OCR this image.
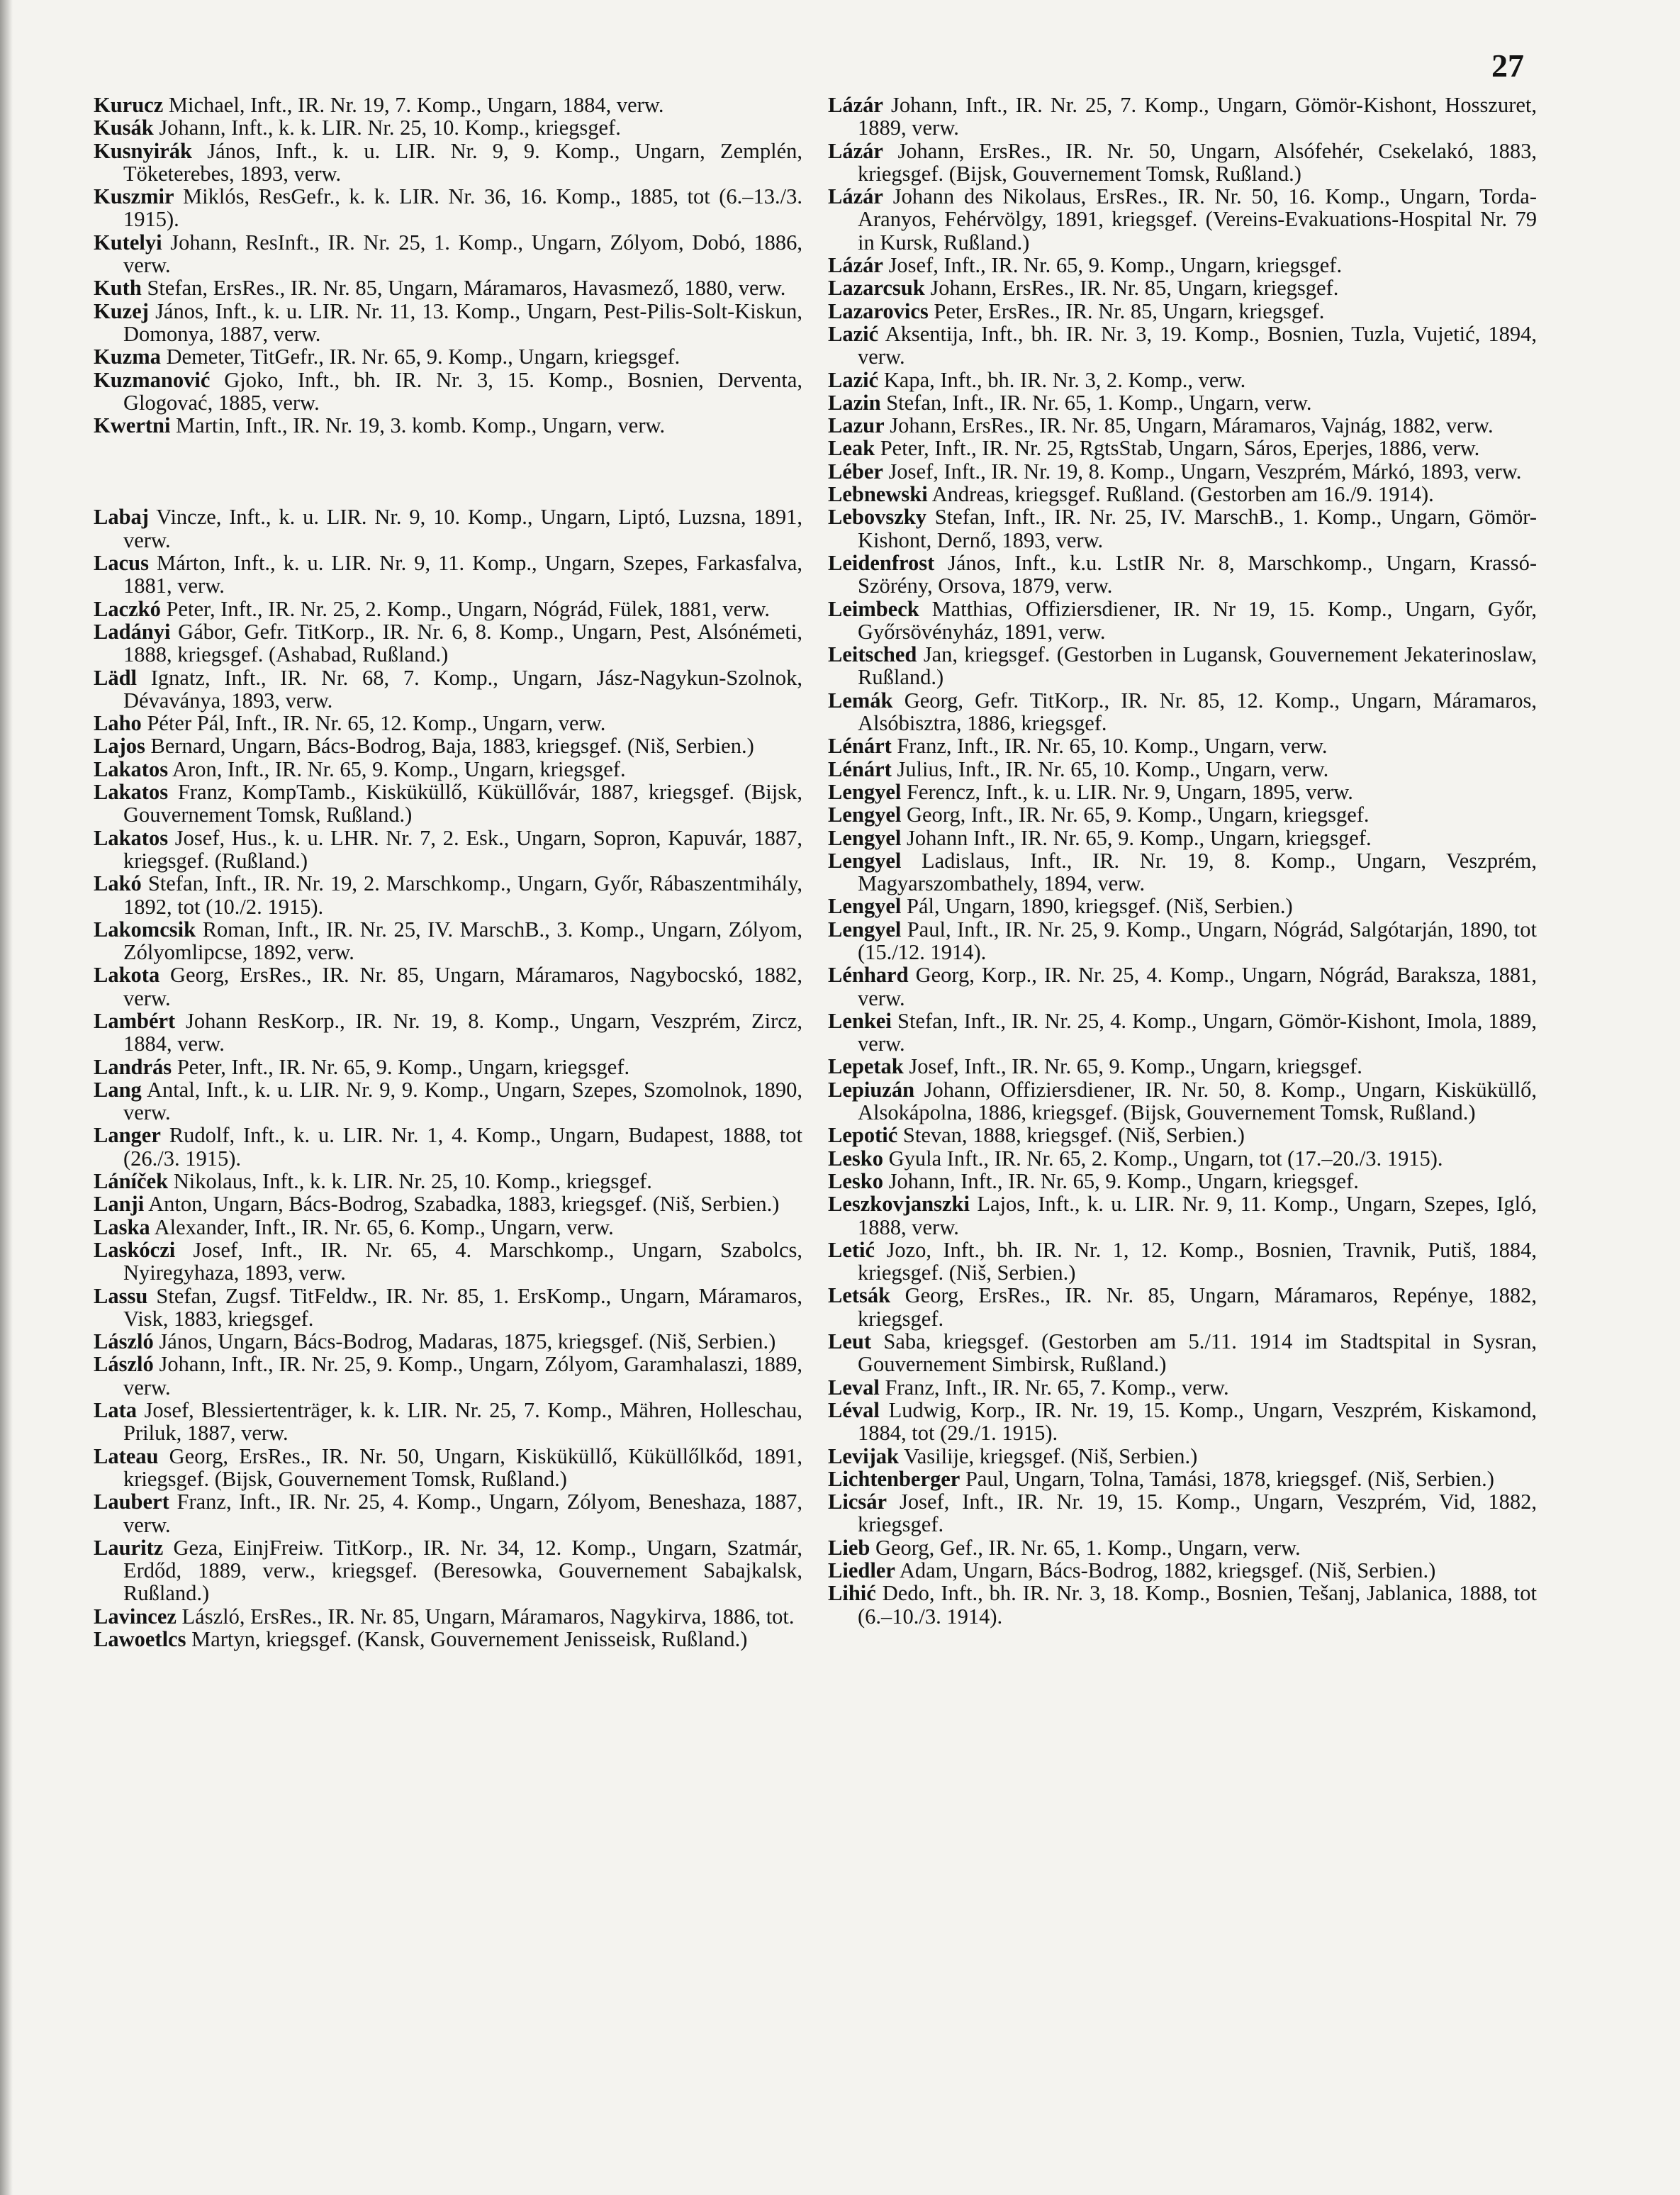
27

Kurucz Michael, Inft., IR. Nr. 19, 7. Komp., Ungarn, 1884, verw.

Kusák Johann, Inft., k. k. LIR. Nr. 25, 10. Komp., kriegsgef.

Kusnyirák János, Inft., k. u. LIR. Nr. 9, 9. Komp., Ungarn, Zemplén, Töketerebes, 1893, verw.

Kuszmir Miklós, ResGefr., k. k. LIR. Nr. 36, 16. Komp., 1885, tot (6.–13./3. 1915).

Kutelyi Johann, ResInft., IR. Nr. 25, 1. Komp., Ungarn, Zólyom, Dobó, 1886, verw.

Kuth Stefan, ErsRes., IR. Nr. 85, Ungarn, Máramaros, Havasmező, 1880, verw.

Kuzej János, Inft., k. u. LIR. Nr. 11, 13. Komp., Ungarn, Pest-Pilis-Solt-Kiskun, Domonya, 1887, verw.

Kuzma Demeter, TitGefr., IR. Nr. 65, 9. Komp., Ungarn, kriegsgef.

Kuzmanović Gjoko, Inft., bh. IR. Nr. 3, 15. Komp., Bosnien, Derventa, Glogovać, 1885, verw.

Kwertni Martin, Inft., IR. Nr. 19, 3. komb. Komp., Ungarn, verw.

Labaj Vincze, Inft., k. u. LIR. Nr. 9, 10. Komp., Ungarn, Liptó, Luzsna, 1891, verw.

Lacus Márton, Inft., k. u. LIR. Nr. 9, 11. Komp., Ungarn, Szepes, Farkasfalva, 1881, verw.

Laczkó Peter, Inft., IR. Nr. 25, 2. Komp., Ungarn, Nógrád, Fülek, 1881, verw.

Ladányi Gábor, Gefr. TitKorp., IR. Nr. 6, 8. Komp., Ungarn, Pest, Alsónémeti, 1888, kriegsgef. (Ashabad, Rußland.)

Lädl Ignatz, Inft., IR. Nr. 68, 7. Komp., Ungarn, Jász-Nagykun-Szolnok, Dévaványa, 1893, verw.

Laho Péter Pál, Inft., IR. Nr. 65, 12. Komp., Ungarn, verw.

Lajos Bernard, Ungarn, Bács-Bodrog, Baja, 1883, kriegsgef. (Niš, Serbien.)

Lakatos Aron, Inft., IR. Nr. 65, 9. Komp., Ungarn, kriegsgef.

Lakatos Franz, KompTamb., Kisküküllő, Küküllővár, 1887, kriegsgef. (Bijsk, Gouvernement Tomsk, Rußland.)

Lakatos Josef, Hus., k. u. LHR. Nr. 7, 2. Esk., Ungarn, Sopron, Kapuvár, 1887, kriegsgef. (Rußland.)

Lakó Stefan, Inft., IR. Nr. 19, 2. Marschkomp., Ungarn, Győr, Rábaszentmihály, 1892, tot (10./2. 1915).

Lakomcsik Roman, Inft., IR. Nr. 25, IV. MarschB., 3. Komp., Ungarn, Zólyom, Zólyomlipcse, 1892, verw.

Lakota Georg, ErsRes., IR. Nr. 85, Ungarn, Máramaros, Nagybocskó, 1882, verw.

Lambért Johann ResKorp., IR. Nr. 19, 8. Komp., Ungarn, Veszprém, Zircz, 1884, verw.

Landrás Peter, Inft., IR. Nr. 65, 9. Komp., Ungarn, kriegsgef.

Lang Antal, Inft., k. u. LIR. Nr. 9, 9. Komp., Ungarn, Szepes, Szomolnok, 1890, verw.

Langer Rudolf, Inft., k. u. LIR. Nr. 1, 4. Komp., Ungarn, Budapest, 1888, tot (26./3. 1915).

Láníček Nikolaus, Inft., k. k. LIR. Nr. 25, 10. Komp., kriegsgef.

Lanji Anton, Ungarn, Bács-Bodrog, Szabadka, 1883, kriegsgef. (Niš, Serbien.)

Laska Alexander, Inft., IR. Nr. 65, 6. Komp., Ungarn, verw.

Laskóczi Josef, Inft., IR. Nr. 65, 4. Marschkomp., Ungarn, Szabolcs, Nyiregyhaza, 1893, verw.

Lassu Stefan, Zugsf. TitFeldw., IR. Nr. 85, 1. ErsKomp., Ungarn, Máramaros, Visk, 1883, kriegsgef.

László János, Ungarn, Bács-Bodrog, Madaras, 1875, kriegsgef. (Niš, Serbien.)

László Johann, Inft., IR. Nr. 25, 9. Komp., Ungarn, Zólyom, Garamhalaszi, 1889, verw.

Lata Josef, Blessiertenträger, k. k. LIR. Nr. 25, 7. Komp., Mähren, Holleschau, Priluk, 1887, verw.

Lateau Georg, ErsRes., IR. Nr. 50, Ungarn, Kisküküllő, Küküllőlkőd, 1891, kriegsgef. (Bijsk, Gouvernement Tomsk, Rußland.)

Laubert Franz, Inft., IR. Nr. 25, 4. Komp., Ungarn, Zólyom, Beneshaza, 1887, verw.

Lauritz Geza, EinjFreiw. TitKorp., IR. Nr. 34, 12. Komp., Ungarn, Szatmár, Erdőd, 1889, verw., kriegsgef. (Beresowka, Gouvernement Sabajkalsk, Rußland.)

Lavincez László, ErsRes., IR. Nr. 85, Ungarn, Máramaros, Nagykirva, 1886, tot.

Lawoetlcs Martyn, kriegsgef. (Kansk, Gouvernement Jenisseisk, Rußland.)

Lázár Johann, Inft., IR. Nr. 25, 7. Komp., Ungarn, Gömör-Kishont, Hosszuret, 1889, verw.

Lázár Johann, ErsRes., IR. Nr. 50, Ungarn, Alsófehér, Csekelakó, 1883, kriegsgef. (Bijsk, Gouvernement Tomsk, Rußland.)

Lázár Johann des Nikolaus, ErsRes., IR. Nr. 50, 16. Komp., Ungarn, Torda-Aranyos, Fehérvölgy, 1891, kriegsgef. (Vereins-Evakuations-Hospital Nr. 79 in Kursk, Rußland.)

Lázár Josef, Inft., IR. Nr. 65, 9. Komp., Ungarn, kriegsgef.

Lazarcsuk Johann, ErsRes., IR. Nr. 85, Ungarn, kriegsgef.

Lazarovics Peter, ErsRes., IR. Nr. 85, Ungarn, kriegsgef.

Lazić Aksentija, Inft., bh. IR. Nr. 3, 19. Komp., Bosnien, Tuzla, Vujetić, 1894, verw.

Lazić Kapa, Inft., bh. IR. Nr. 3, 2. Komp., verw.

Lazin Stefan, Inft., IR. Nr. 65, 1. Komp., Ungarn, verw.

Lazur Johann, ErsRes., IR. Nr. 85, Ungarn, Máramaros, Vajnág, 1882, verw.

Leak Peter, Inft., IR. Nr. 25, RgtsStab, Ungarn, Sáros, Eperjes, 1886, verw.

Léber Josef, Inft., IR. Nr. 19, 8. Komp., Ungarn, Veszprém, Márkó, 1893, verw.

Lebnewski Andreas, kriegsgef. Rußland. (Gestorben am 16./9. 1914).

Lebovszky Stefan, Inft., IR. Nr. 25, IV. MarschB., 1. Komp., Ungarn, Gömör-Kishont, Dernő, 1893, verw.

Leidenfrost János, Inft., k.u. LstIR Nr. 8, Marschkomp., Ungarn, Krassó-Szörény, Orsova, 1879, verw.

Leimbeck Matthias, Offiziersdiener, IR. Nr 19, 15. Komp., Ungarn, Győr, Győrsövényház, 1891, verw.

Leitsched Jan, kriegsgef. (Gestorben in Lugansk, Gouvernement Jekaterinoslaw, Rußland.)

Lemák Georg, Gefr. TitKorp., IR. Nr. 85, 12. Komp., Ungarn, Máramaros, Alsóbisztra, 1886, kriegsgef.

Lénárt Franz, Inft., IR. Nr. 65, 10. Komp., Ungarn, verw.

Lénárt Julius, Inft., IR. Nr. 65, 10. Komp., Ungarn, verw.

Lengyel Ferencz, Inft., k. u. LIR. Nr. 9, Ungarn, 1895, verw.

Lengyel Georg, Inft., IR. Nr. 65, 9. Komp., Ungarn, kriegsgef.

Lengyel Johann Inft., IR. Nr. 65, 9. Komp., Ungarn, kriegsgef.

Lengyel Ladislaus, Inft., IR. Nr. 19, 8. Komp., Ungarn, Veszprém, Magyarszombathely, 1894, verw.

Lengyel Pál, Ungarn, 1890, kriegsgef. (Niš, Serbien.)

Lengyel Paul, Inft., IR. Nr. 25, 9. Komp., Ungarn, Nógrád, Salgótarján, 1890, tot (15./12. 1914).

Lénhard Georg, Korp., IR. Nr. 25, 4. Komp., Ungarn, Nógrád, Baraksza, 1881, verw.

Lenkei Stefan, Inft., IR. Nr. 25, 4. Komp., Ungarn, Gömör-Kishont, Imola, 1889, verw.

Lepetak Josef, Inft., IR. Nr. 65, 9. Komp., Ungarn, kriegsgef.

Lepiuzán Johann, Offiziersdiener, IR. Nr. 50, 8. Komp., Ungarn, Kisküküllő, Alsokápolna, 1886, kriegsgef. (Bijsk, Gouvernement Tomsk, Rußland.)

Lepotić Stevan, 1888, kriegsgef. (Niš, Serbien.)

Lesko Gyula Inft., IR. Nr. 65, 2. Komp., Ungarn, tot (17.–20./3. 1915).

Lesko Johann, Inft., IR. Nr. 65, 9. Komp., Ungarn, kriegsgef.

Leszkovjanszki Lajos, Inft., k. u. LIR. Nr. 9, 11. Komp., Ungarn, Szepes, Igló, 1888, verw.

Letić Jozo, Inft., bh. IR. Nr. 1, 12. Komp., Bosnien, Travnik, Putiš, 1884, kriegsgef. (Niš, Serbien.)

Letsák Georg, ErsRes., IR. Nr. 85, Ungarn, Máramaros, Repényе, 1882, kriegsgef.

Leut Saba, kriegsgef. (Gestorben am 5./11. 1914 im Stadtspital in Sysran, Gouvernement Simbirsk, Rußland.)

Leval Franz, Inft., IR. Nr. 65, 7. Komp., verw.

Léval Ludwig, Korp., IR. Nr. 19, 15. Komp., Ungarn, Veszprém, Kiskamond, 1884, tot (29./1. 1915).

Levijak Vasilije, kriegsgef. (Niš, Serbien.)

Lichtenberger Paul, Ungarn, Tolna, Tamási, 1878, kriegsgef. (Niš, Serbien.)

Licsár Josef, Inft., IR. Nr. 19, 15. Komp., Ungarn, Veszprém, Vid, 1882, kriegsgef.

Lieb Georg, Gef., IR. Nr. 65, 1. Komp., Ungarn, verw.

Liedler Adam, Ungarn, Bács-Bodrog, 1882, kriegsgef. (Niš, Serbien.)

Lihić Dedo, Inft., bh. IR. Nr. 3, 18. Komp., Bosnien, Tešanj, Jablanica, 1888, tot (6.–10./3. 1914).
